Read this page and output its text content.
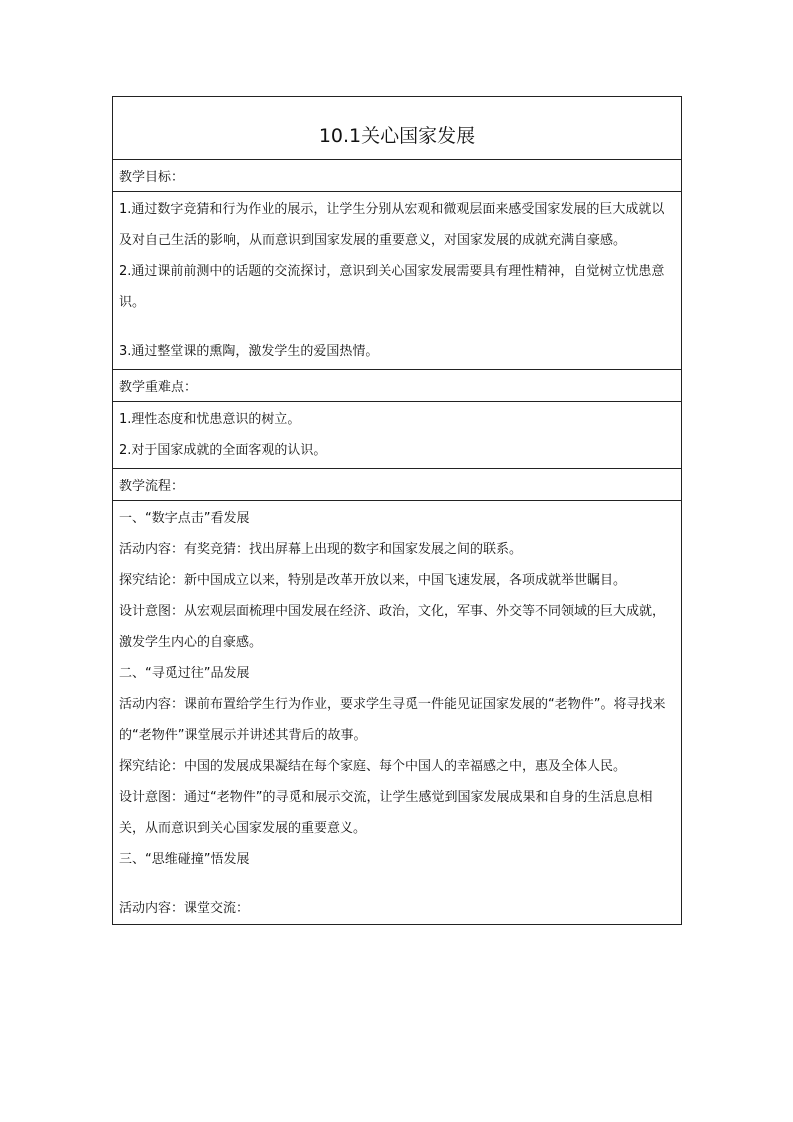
10.1关心国家发展
教学目标：

1.通过数字竞猜和行为作业的展示，让学生分别从宏观和微观层面来感受国家发展的巨大成就以及对自己生活的影响，从而意识到国家发展的重要意义，对国家发展的成就充满自豪感。

2.通过课前前测中的话题的交流探讨，意识到关心国家发展需要具有理性精神，自觉树立忧患意识。

3.通过整堂课的熏陶，激发学生的爱国热情。

教学重难点：

1.理性态度和忧患意识的树立。

2.对于国家成就的全面客观的认识。

教学流程：

一、“数字点击”看发展

活动内容：有奖竞猜：找出屏幕上出现的数字和国家发展之间的联系。

探究结论：新中国成立以来，特别是改革开放以来，中国飞速发展，各项成就举世瞩目。

设计意图：从宏观层面梳理中国发展在经济、政治，文化，军事、外交等不同领域的巨大成就，激发学生内心的自豪感。

二、“寻觅过往”品发展

活动内容：课前布置给学生行为作业，要求学生寻觅一件能见证国家发展的“老物件”。将寻找来的“老物件”课堂展示并讲述其背后的故事。

探究结论：中国的发展成果凝结在每个家庭、每个中国人的幸福感之中，惠及全体人民。

设计意图：通过“老物件”的寻觅和展示交流，让学生感觉到国家发展成果和自身的生活息息相关，从而意识到关心国家发展的重要意义。

三、“思维碰撞”悟发展

活动内容：课堂交流：
